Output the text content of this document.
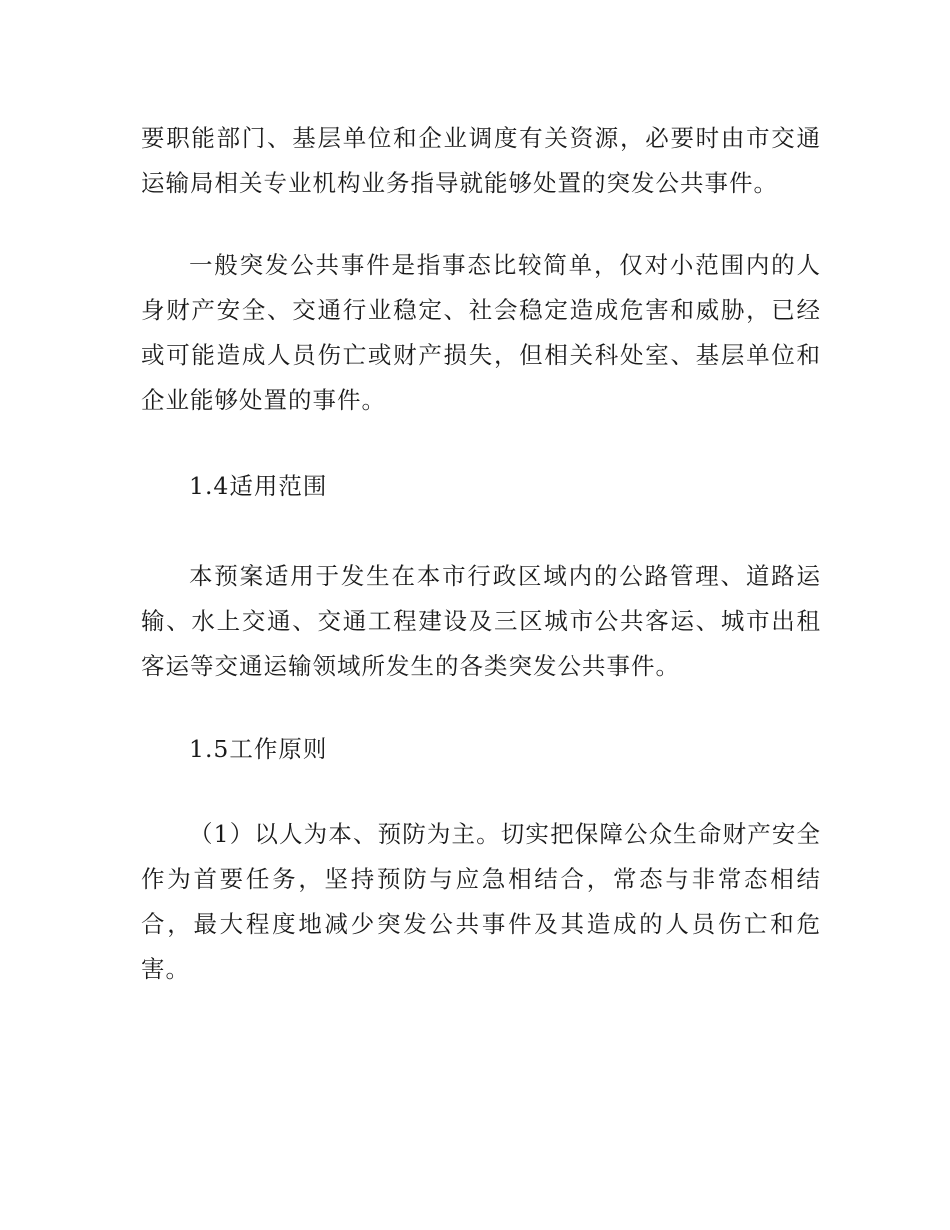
要职能部门、基层单位和企业调度有关资源，必要时由市交通运输局相关专业机构业务指导就能够处置的突发公共事件。

一般突发公共事件是指事态比较简单，仅对小范围内的人身财产安全、交通行业稳定、社会稳定造成危害和威胁，已经或可能造成人员伤亡或财产损失，但相关科处室、基层单位和企业能够处置的事件。

1.4适用范围

本预案适用于发生在本市行政区域内的公路管理、道路运输、水上交通、交通工程建设及三区城市公共客运、城市出租客运等交通运输领域所发生的各类突发公共事件。

1.5工作原则

（1）以人为本、预防为主。切实把保障公众生命财产安全作为首要任务，坚持预防与应急相结合，常态与非常态相结合，最大程度地减少突发公共事件及其造成的人员伤亡和危害。
